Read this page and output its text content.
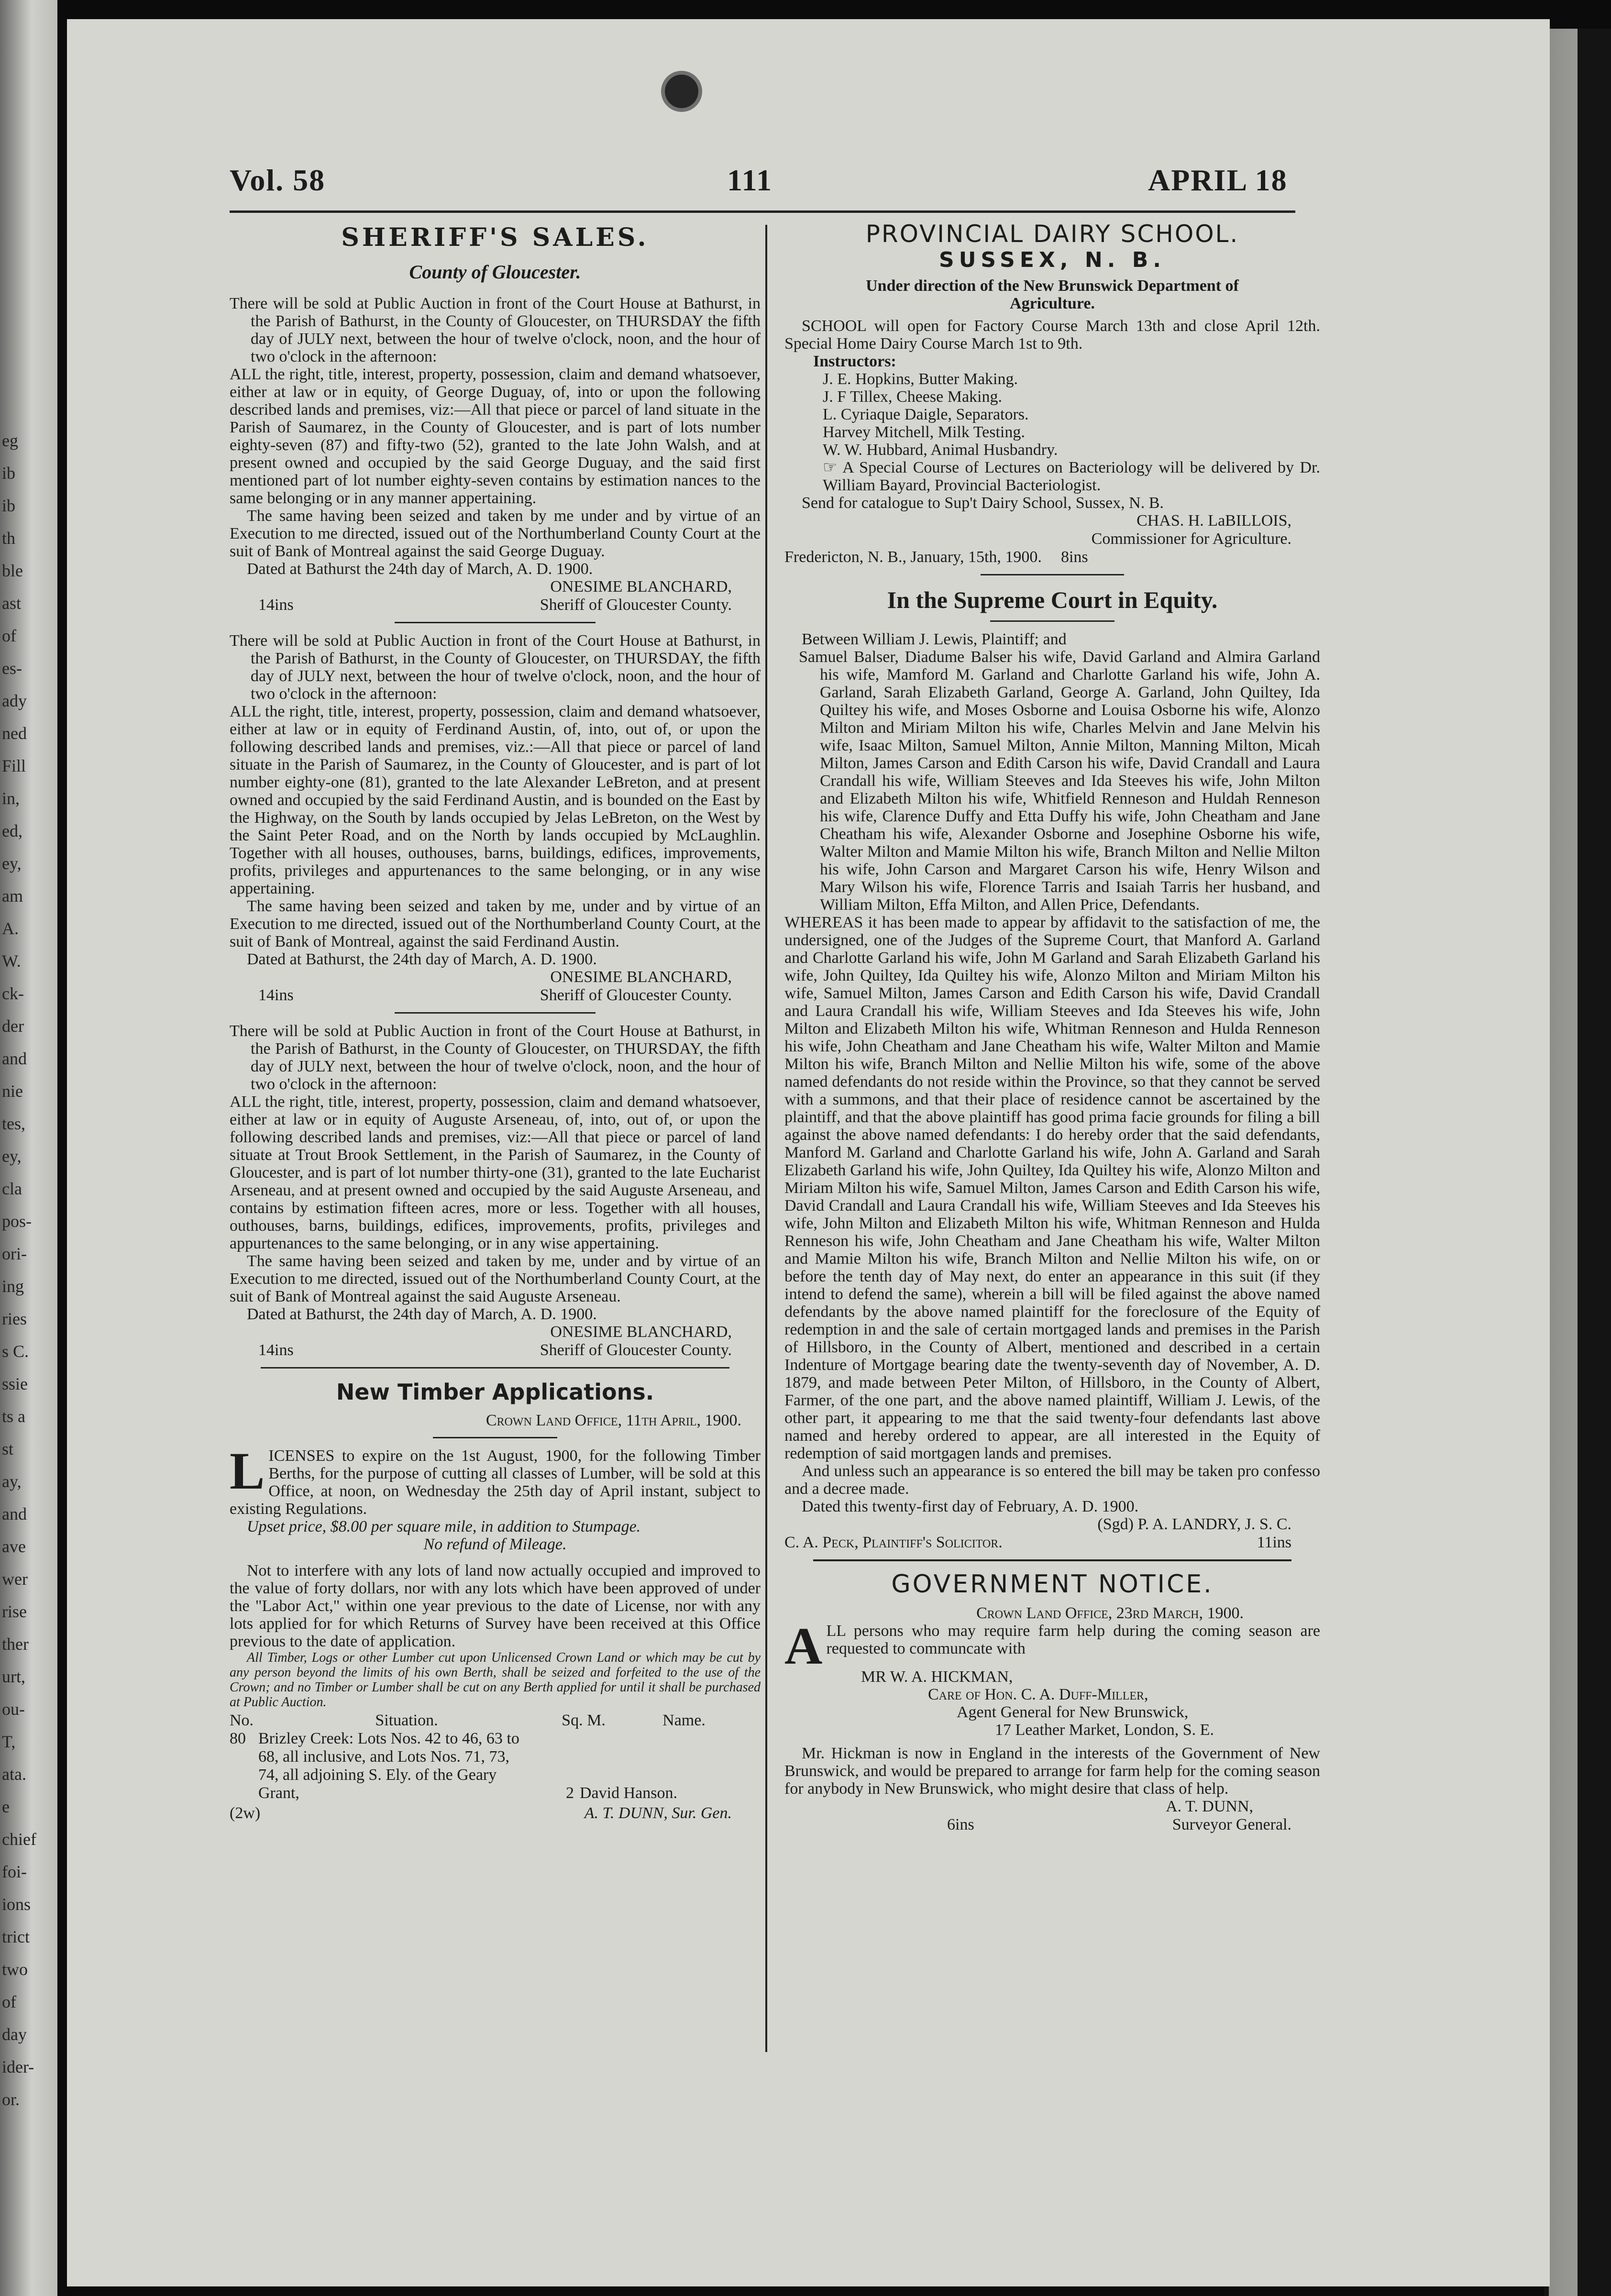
eg
ib
ib
th
ble
ast
of
es-
ady
ned
Fill
in,
ed,
ey,
am
A.
W.
ck-
der
and
nie
tes,
ey,
cla
pos-
ori-
ing
ries
s C.
ssie
ts a
st
ay,
and
ave
wer
rise
ther
urt,
ou-
T,
ata.
e
chief
foi-
ions
trict
two
of
day
ider-
or.
Vol. 58	111	APRIL 18
SHERIFF'S SALES.
County of Gloucester.

There will be sold at Public Auction in front of the Court House at Bathurst, in the Parish of Bathurst, in the County of Gloucester, on THURSDAY the fifth day of JULY next, between the hour of twelve o'clock, noon, and the hour of two o'clock in the afternoon:

ALL the right, title, interest, property, possession, claim and demand whatsoever, either at law or in equity, of George Duguay, of, into or upon the following described lands and premises, viz:—All that piece or parcel of land situate in the Parish of Saumarez, in the County of Gloucester, and is part of lots number eighty-seven (87) and fifty-two (52), granted to the late John Walsh, and at present owned and occupied by the said George Duguay, and the said first mentioned part of lot number eighty-seven contains by estimation nances to the same belonging or in any manner appertaining.

The same having been seized and taken by me under and by virtue of an Execution to me directed, issued out of the Northumberland County Court at the suit of Bank of Montreal against the said George Duguay.

Dated at Bathurst the 24th day of March, A. D. 1900.

ONESIME BLANCHARD,

14ins	Sheriff of Gloucester County.

There will be sold at Public Auction in front of the Court House at Bathurst, in the Parish of Bathurst, in the County of Gloucester, on THURSDAY, the fifth day of JULY next, between the hour of twelve o'clock, noon, and the hour of two o'clock in the afternoon:

ALL the right, title, interest, property, possession, claim and demand whatsoever, either at law or in equity of Ferdinand Austin, of, into, out of, or upon the following described lands and premises, viz.:—All that piece or parcel of land situate in the Parish of Saumarez, in the County of Gloucester, and is part of lot number eighty-one (81), granted to the late Alexander LeBreton, and at present owned and occupied by the said Ferdinand Austin, and is bounded on the East by the Highway, on the South by lands occupied by Jelas LeBreton, on the West by the Saint Peter Road, and on the North by lands occupied by McLaughlin. Together with all houses, outhouses, barns, buildings, edifices, improvements, profits, privileges and appurtenances to the same belonging, or in any wise appertaining.

The same having been seized and taken by me, under and by virtue of an Execution to me directed, issued out of the Northumberland County Court, at the suit of Bank of Montreal, against the said Ferdinand Austin.

Dated at Bathurst, the 24th day of March, A. D. 1900.

ONESIME BLANCHARD,

14ins	Sheriff of Gloucester County.

There will be sold at Public Auction in front of the Court House at Bathurst, in the Parish of Bathurst, in the County of Gloucester, on THURSDAY, the fifth day of JULY next, between the hour of twelve o'clock, noon, and the hour of two o'clock in the afternoon:

ALL the right, title, interest, property, possession, claim and demand whatsoever, either at law or in equity of Auguste Arseneau, of, into, out of, or upon the following described lands and premises, viz:—All that piece or parcel of land situate at Trout Brook Settlement, in the Parish of Saumarez, in the County of Gloucester, and is part of lot number thirty-one (31), granted to the late Eucharist Arseneau, and at present owned and occupied by the said Auguste Arseneau, and contains by estimation fifteen acres, more or less. Together with all houses, outhouses, barns, buildings, edifices, improvements, profits, privileges and appurtenances to the same belonging, or in any wise appertaining.

The same having been seized and taken by me, under and by virtue of an Execution to me directed, issued out of the Northumberland County Court, at the suit of Bank of Montreal against the said Auguste Arseneau.

Dated at Bathurst, the 24th day of March, A. D. 1900.

ONESIME BLANCHARD,

14ins	Sheriff of Gloucester County.
New Timber Applications.

Crown Land Office, 11th April, 1900.

LICENSES to expire on the 1st August, 1900, for the following Timber Berths, for the purpose of cutting all classes of Lumber, will be sold at this Office, at noon, on Wednesday the 25th day of April instant, subject to existing Regulations.

Upset price, $8.00 per square mile, in addition to Stumpage.

No refund of Mileage.

Not to interfere with any lots of land now actually occupied and improved to the value of forty dollars, nor with any lots which have been approved of under the "Labor Act," within one year previous to the date of License, nor with any lots applied for for which Returns of Survey have been received at this Office previous to the date of application.

All Timber, Logs or other Lumber cut upon Unlicensed Crown Land or which may be cut by any person beyond the limits of his own Berth, shall be seized and forfeited to the use of the Crown; and no Timber or Lumber shall be cut on any Berth applied for until it shall be purchased at Public Auction.

No.	Situation.	Sq. M.	Name.
80 Brizley Creek: Lots Nos. 42 to 46, 63 to 68, all inclusive, and Lots Nos. 71, 73, 74, all adjoining S. Ely. of the Geary Grant,	2 David Hanson.
(2w)	A. T. DUNN, Sur. Gen.
PROVINCIAL DAIRY SCHOOL.
SUSSEX, N. B.

Under direction of the New Brunswick Department of Agriculture.

SCHOOL will open for Factory Course March 13th and close April 12th. Special Home Dairy Course March 1st to 9th.

Instructors:

J. E. Hopkins, Butter Making.

J. F Tillex, Cheese Making.

L. Cyriaque Daigle, Separators.

Harvey Mitchell, Milk Testing.

W. W. Hubbard, Animal Husbandry.

☞ A Special Course of Lectures on Bacteriology will be delivered by Dr. William Bayard, Provincial Bacteriologist.

Send for catalogue to Sup't Dairy School, Sussex, N. B.

CHAS. H. LaBILLOIS,

Commissioner for Agriculture.

Fredericton, N. B., January, 15th, 1900. 8ins
In the Supreme Court in Equity.

Between William J. Lewis, Plaintiff; and

Samuel Balser, Diadume Balser his wife, David Garland and Almira Garland his wife, Mamford M. Garland and Charlotte Garland his wife, John A. Garland, Sarah Elizabeth Garland, George A. Garland, John Quiltey, Ida Quiltey his wife, and Moses Osborne and Louisa Osborne his wife, Alonzo Milton and Miriam Milton his wife, Charles Melvin and Jane Melvin his wife, Isaac Milton, Samuel Milton, Annie Milton, Manning Milton, Micah Milton, James Carson and Edith Carson his wife, David Crandall and Laura Crandall his wife, William Steeves and Ida Steeves his wife, John Milton and Elizabeth Milton his wife, Whitfield Renneson and Huldah Renneson his wife, Clarence Duffy and Etta Duffy his wife, John Cheatham and Jane Cheatham his wife, Alexander Osborne and Josephine Osborne his wife, Walter Milton and Mamie Milton his wife, Branch Milton and Nellie Milton his wife, John Carson and Margaret Carson his wife, Henry Wilson and Mary Wilson his wife, Florence Tarris and Isaiah Tarris her husband, and William Milton, Effa Milton, and Allen Price, Defendants.

WHEREAS it has been made to appear by affidavit to the satisfaction of me, the undersigned, one of the Judges of the Supreme Court, that Manford A. Garland and Charlotte Garland his wife, John M Garland and Sarah Elizabeth Garland his wife, John Quiltey, Ida Quiltey his wife, Alonzo Milton and Miriam Milton his wife, Samuel Milton, James Carson and Edith Carson his wife, David Crandall and Laura Crandall his wife, William Steeves and Ida Steeves his wife, John Milton and Elizabeth Milton his wife, Whitman Renneson and Hulda Renneson his wife, John Cheatham and Jane Cheatham his wife, Walter Milton and Mamie Milton his wife, Branch Milton and Nellie Milton his wife, some of the above named defendants do not reside within the Province, so that they cannot be served with a summons, and that their place of residence cannot be ascertained by the plaintiff, and that the above plaintiff has good prima facie grounds for filing a bill against the above named defendants: I do hereby order that the said defendants, Manford M. Garland and Charlotte Garland his wife, John A. Garland and Sarah Elizabeth Garland his wife, John Quiltey, Ida Quiltey his wife, Alonzo Milton and Miriam Milton his wife, Samuel Milton, James Carson and Edith Carson his wife, David Crandall and Laura Crandall his wife, William Steeves and Ida Steeves his wife, John Milton and Elizabeth Milton his wife, Whitman Renneson and Hulda Renneson his wife, John Cheatham and Jane Cheatham his wife, Walter Milton and Mamie Milton his wife, Branch Milton and Nellie Milton his wife, on or before the tenth day of May next, do enter an appearance in this suit (if they intend to defend the same), wherein a bill will be filed against the above named defendants by the above named plaintiff for the foreclosure of the Equity of redemption in and the sale of certain mortgaged lands and premises in the Parish of Hillsboro, in the County of Albert, mentioned and described in a certain Indenture of Mortgage bearing date the twenty-seventh day of November, A. D. 1879, and made between Peter Milton, of Hillsboro, in the County of Albert, Farmer, of the one part, and the above named plaintiff, William J. Lewis, of the other part, it appearing to me that the said twenty-four defendants last above named and hereby ordered to appear, are all interested in the Equity of redemption of said mortgagen lands and premises.

And unless such an appearance is so entered the bill may be taken pro confesso and a decree made.

Dated this twenty-first day of February, A. D. 1900.

(Sgd) P. A. LANDRY, J. S. C.

C. A. Peck, Plaintiff's Solicitor.	11ins
GOVERNMENT NOTICE.

Crown Land Office, 23rd March, 1900.

ALL persons who may require farm help during the coming season are requested to communcate with

MR W. A. HICKMAN,

Care of Hon. C. A. Duff-Miller,

Agent General for New Brunswick,

17 Leather Market, London, S. E.

Mr. Hickman is now in England in the interests of the Government of New Brunswick, and would be prepared to arrange for farm help for the coming season for anybody in New Brunswick, who might desire that class of help.

A. T. DUNN,

6ins	Surveyor General.
